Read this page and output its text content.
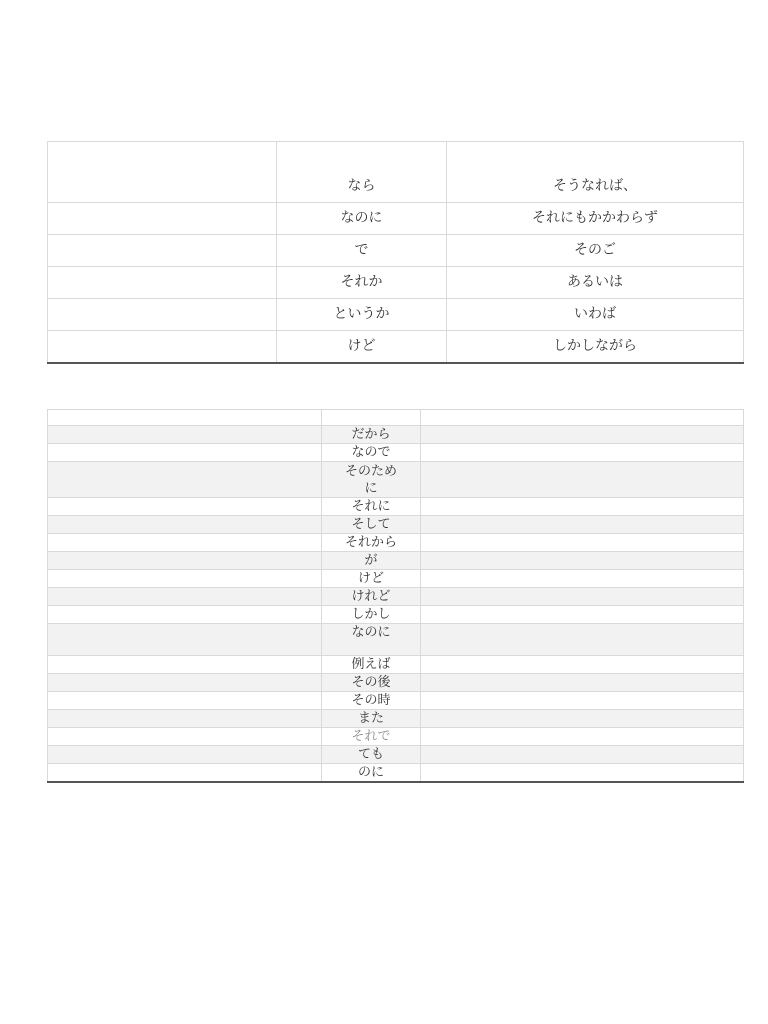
	なら	そうなれば、
	なのに	それにもかかわらず
	で	そのご
	それか	あるいは
	というか	いわば
	けど	しかしながら

	だから	
	なので	
	そのため
に	
	それに	
	そして	
	それから	
	が	
	けど	
	けれど	
	しかし	
	なのに	
	例えば	
	その後	
	その時	
	また	
	それで	
	ても	
	のに	
